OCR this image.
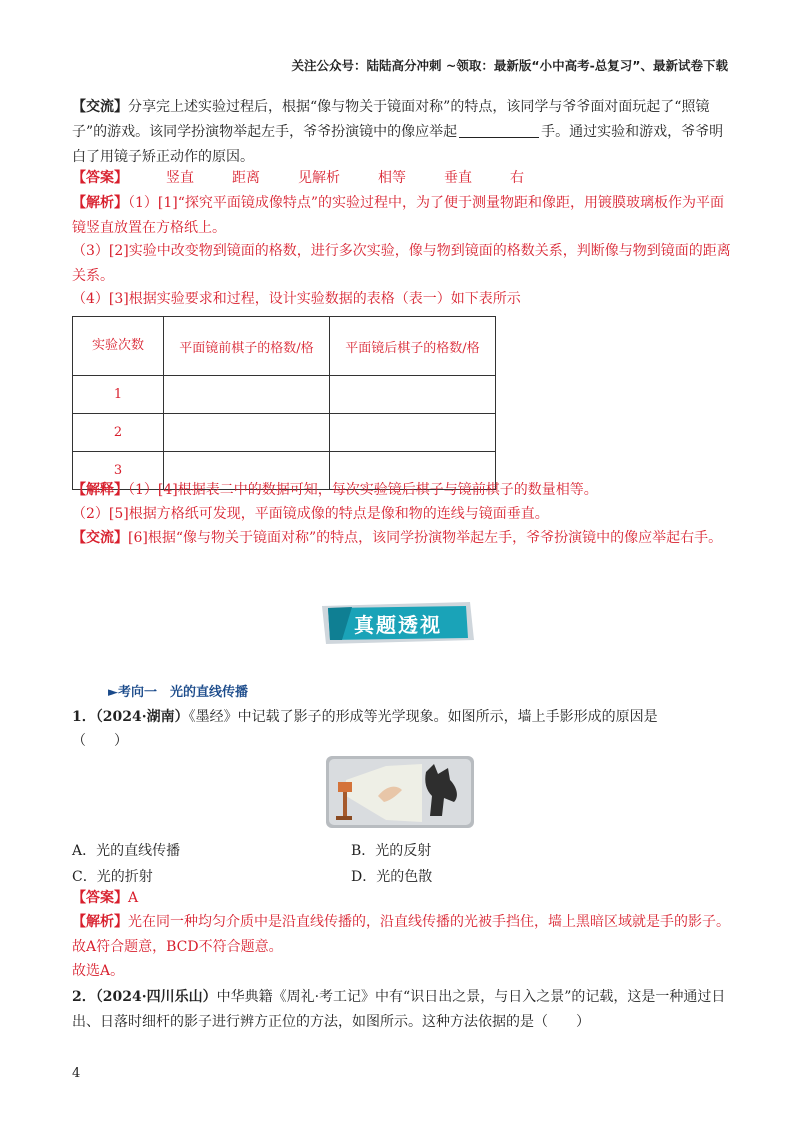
关注公众号：陆陆高分冲刺 ~领取：最新版“小中高考-总复习”、最新试卷下载
【交流】分享完上述实验过程后，根据“像与物关于镜面对称”的特点，该同学与爷爷面对面玩起了“照镜子”的游戏。该同学扮演物举起左手，爷爷扮演镜中的像应举起	手。通过实验和游戏，爷爷明白了用镜子矫正动作的原因。
【答案】	竖直	距离	见解析	相等	垂直	右
【解析】（1）[1]“探究平面镜成像特点”的实验过程中，为了便于测量物距和像距，用镀膜玻璃板作为平面镜竖直放置在方格纸上。
（3）[2]实验中改变物到镜面的格数，进行多次实验，像与物到镜面的格数关系，判断像与物到镜面的距离关系。
（4）[3]根据实验要求和过程，设计实验数据的表格（表一）如下表所示
实验次数	平面镜前棋子的格数/格	平面镜后棋子的格数/格
1		
2		
3		
【解释】（1）[4]根据表二中的数据可知，每次实验镜后棋子与镜前棋子的数量相等。
（2）[5]根据方格纸可发现，平面镜成像的特点是像和物的连线与镜面垂直。
【交流】[6]根据“像与物关于镜面对称”的特点，该同学扮演物举起左手，爷爷扮演镜中的像应举起右手。
真题透视
►考向一　光的直线传播
1．（2024·湖南）《墨经》中记载了影子的形成等光学现象。如图所示，墙上手影形成的原因是
（　　）
A．光的直线传播	B．光的反射
C．光的折射	D．光的色散
【答案】A
【解析】光在同一种均匀介质中是沿直线传播的，沿直线传播的光被手挡住，墙上黑暗区域就是手的影子。故A符合题意，BCD不符合题意。
故选A。
2．（2024·四川乐山）中华典籍《周礼·考工记》中有“识日出之景，与日入之景”的记载，这是一种通过日出、日落时细杆的影子进行辨方正位的方法，如图所示。这种方法依据的是（　　）
4
